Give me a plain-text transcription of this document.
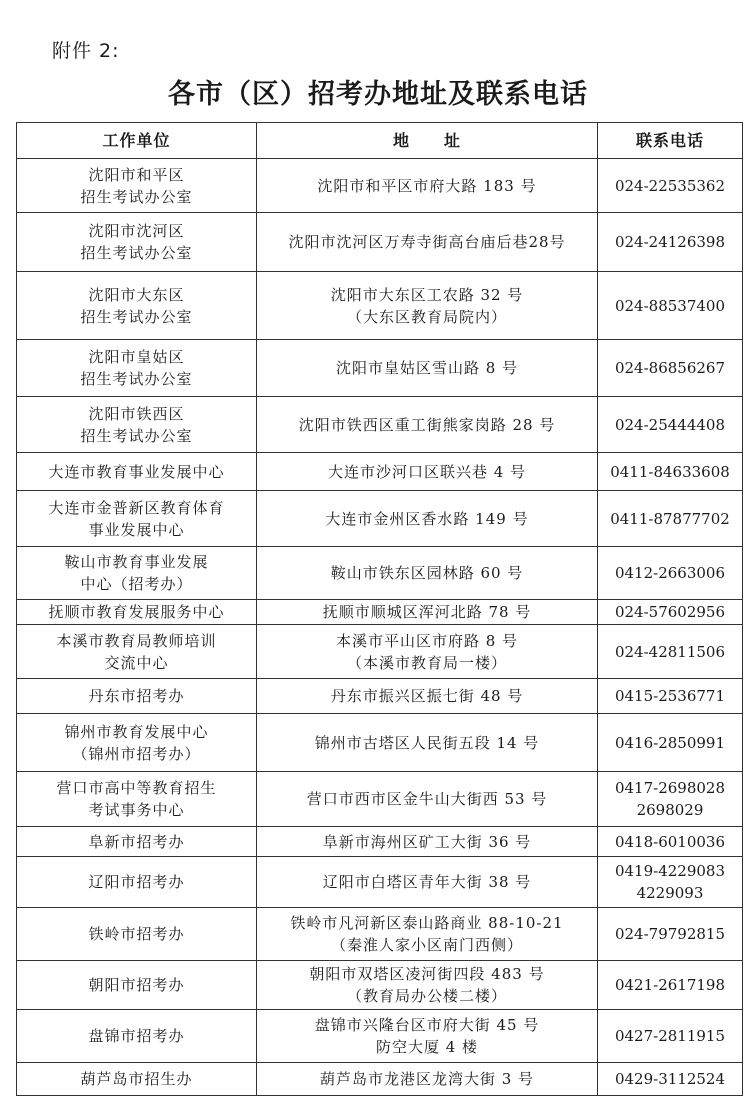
附件 2:
各市（区）招考办地址及联系电话
工作单位	地　　址	联系电话

沈阳市和平区
招生考试办公室	沈阳市和平区市府大路 183 号	024-22535362

沈阳市沈河区
招生考试办公室	沈阳市沈河区万寿寺街高台庙后巷28号	024-24126398

沈阳市大东区
招生考试办公室	沈阳市大东区工农路 32 号
（大东区教育局院内）	024-88537400

沈阳市皇姑区
招生考试办公室	沈阳市皇姑区雪山路 8 号	024-86856267

沈阳市铁西区
招生考试办公室	沈阳市铁西区重工街熊家岗路 28 号	024-25444408

大连市教育事业发展中心	大连市沙河口区联兴巷 4 号	0411-84633608

大连市金普新区教育体育
事业发展中心	大连市金州区香水路 149 号	0411-87877702

鞍山市教育事业发展
中心（招考办）	鞍山市铁东区园林路 60 号	0412-2663006

抚顺市教育发展服务中心	抚顺市顺城区浑河北路 78 号	024-57602956

本溪市教育局教师培训
交流中心	本溪市平山区市府路 8 号
（本溪市教育局一楼）	024-42811506

丹东市招考办	丹东市振兴区振七街 48 号	0415-2536771

锦州市教育发展中心
（锦州市招考办）	锦州市古塔区人民街五段 14 号	0416-2850991

营口市高中等教育招生
考试事务中心	营口市西市区金牛山大街西 53 号	0417-2698028
2698029

阜新市招考办	阜新市海州区矿工大街 36 号	0418-6010036

辽阳市招考办	辽阳市白塔区青年大街 38 号	0419-4229083
4229093

铁岭市招考办	铁岭市凡河新区泰山路商业 88-10-21
（秦淮人家小区南门西侧）	024-79792815

朝阳市招考办	朝阳市双塔区凌河街四段 483 号
（教育局办公楼二楼）	0421-2617198

盘锦市招考办	盘锦市兴隆台区市府大街 45 号
防空大厦 4 楼	0427-2811915

葫芦岛市招生办	葫芦岛市龙港区龙湾大街 3 号	0429-3112524
